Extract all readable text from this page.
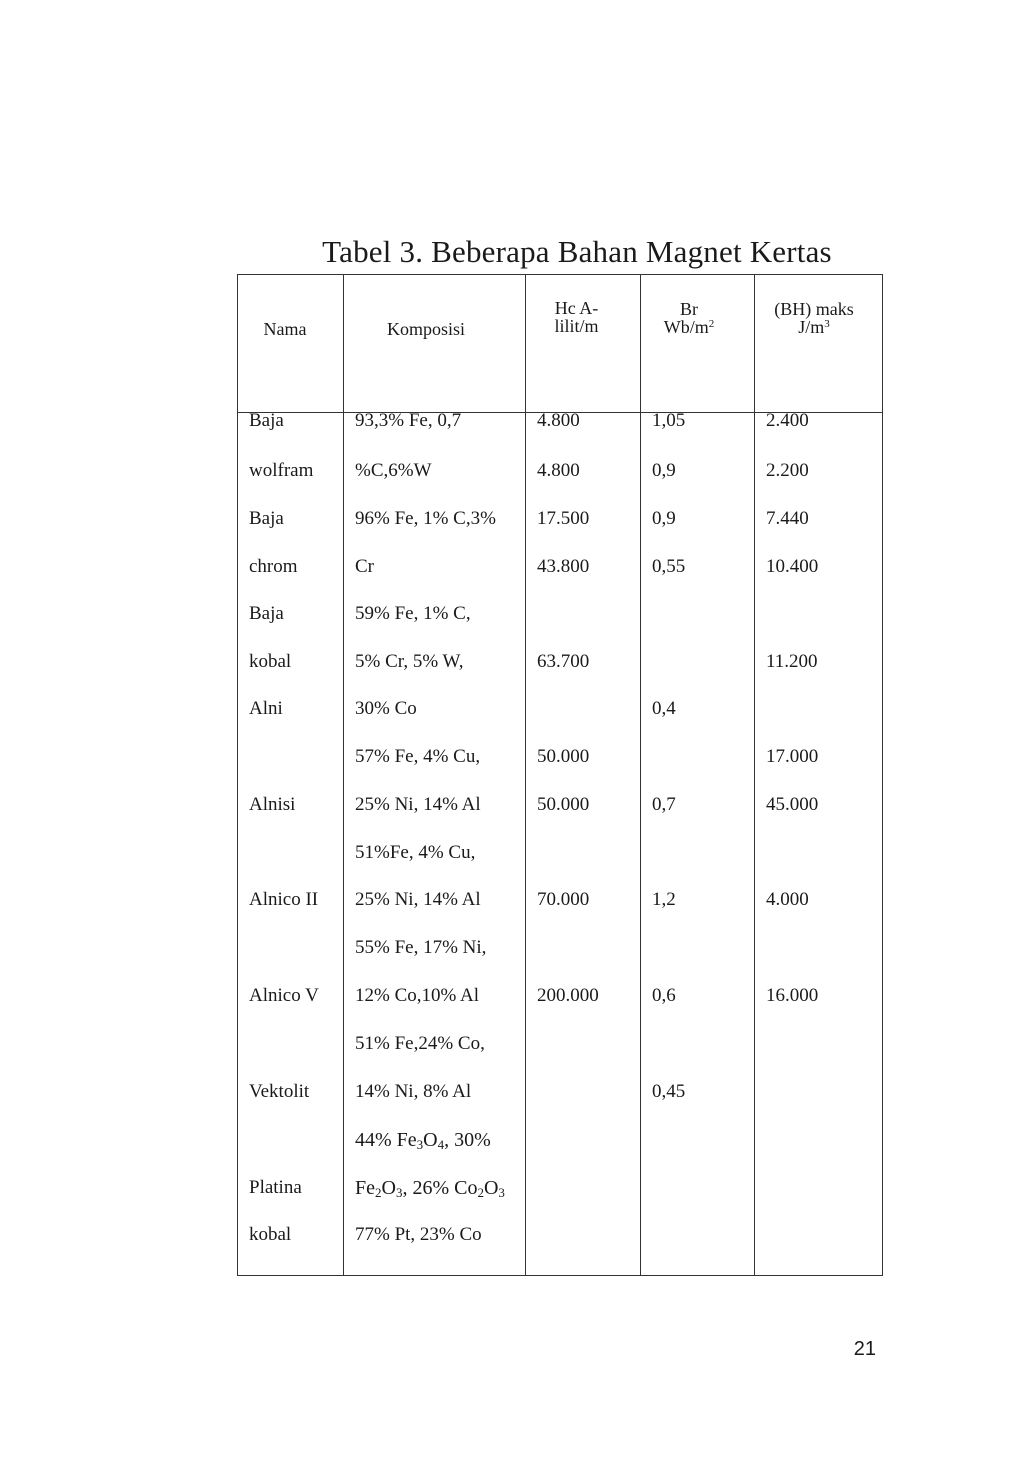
Tabel 3. Beberapa Bahan Magnet Kertas
Nama	Komposisi
Hc A-
lilit/m
Br
$Wb/m^2$
(BH) maks
$J/m^3$
Baja
wolfram
Baja
chrom
Baja
kobal
Alni
Alnisi
Alnico II
Alnico V
Vektolit
Platina
kobal
93,3% Fe, 0,7
%C,6%W
96% Fe, 1% C,3%
Cr
59% Fe, 1% C,
5% Cr, 5% W,
30% Co
57% Fe, 4% Cu,
25% Ni, 14% Al
51%Fe, 4% Cu,
25% Ni, 14% Al
55% Fe, 17% Ni,
12% Co,10% Al
51% Fe,24% Co,
14% Ni, 8% Al
44% $Fe_3O_4$, 30%
$Fe_2O_3$, 26% $Co_2O_3$
77% Pt, 23% Co
4.800
4.800
17.500
43.800
63.700
50.000
50.000
70.000
200.000
1,05
0,9
0,9
0,55
0,4
0,7
1,2
0,6
0,45
2.400
2.200
7.440
10.400
11.200
17.000
45.000
4.000
16.000
21
